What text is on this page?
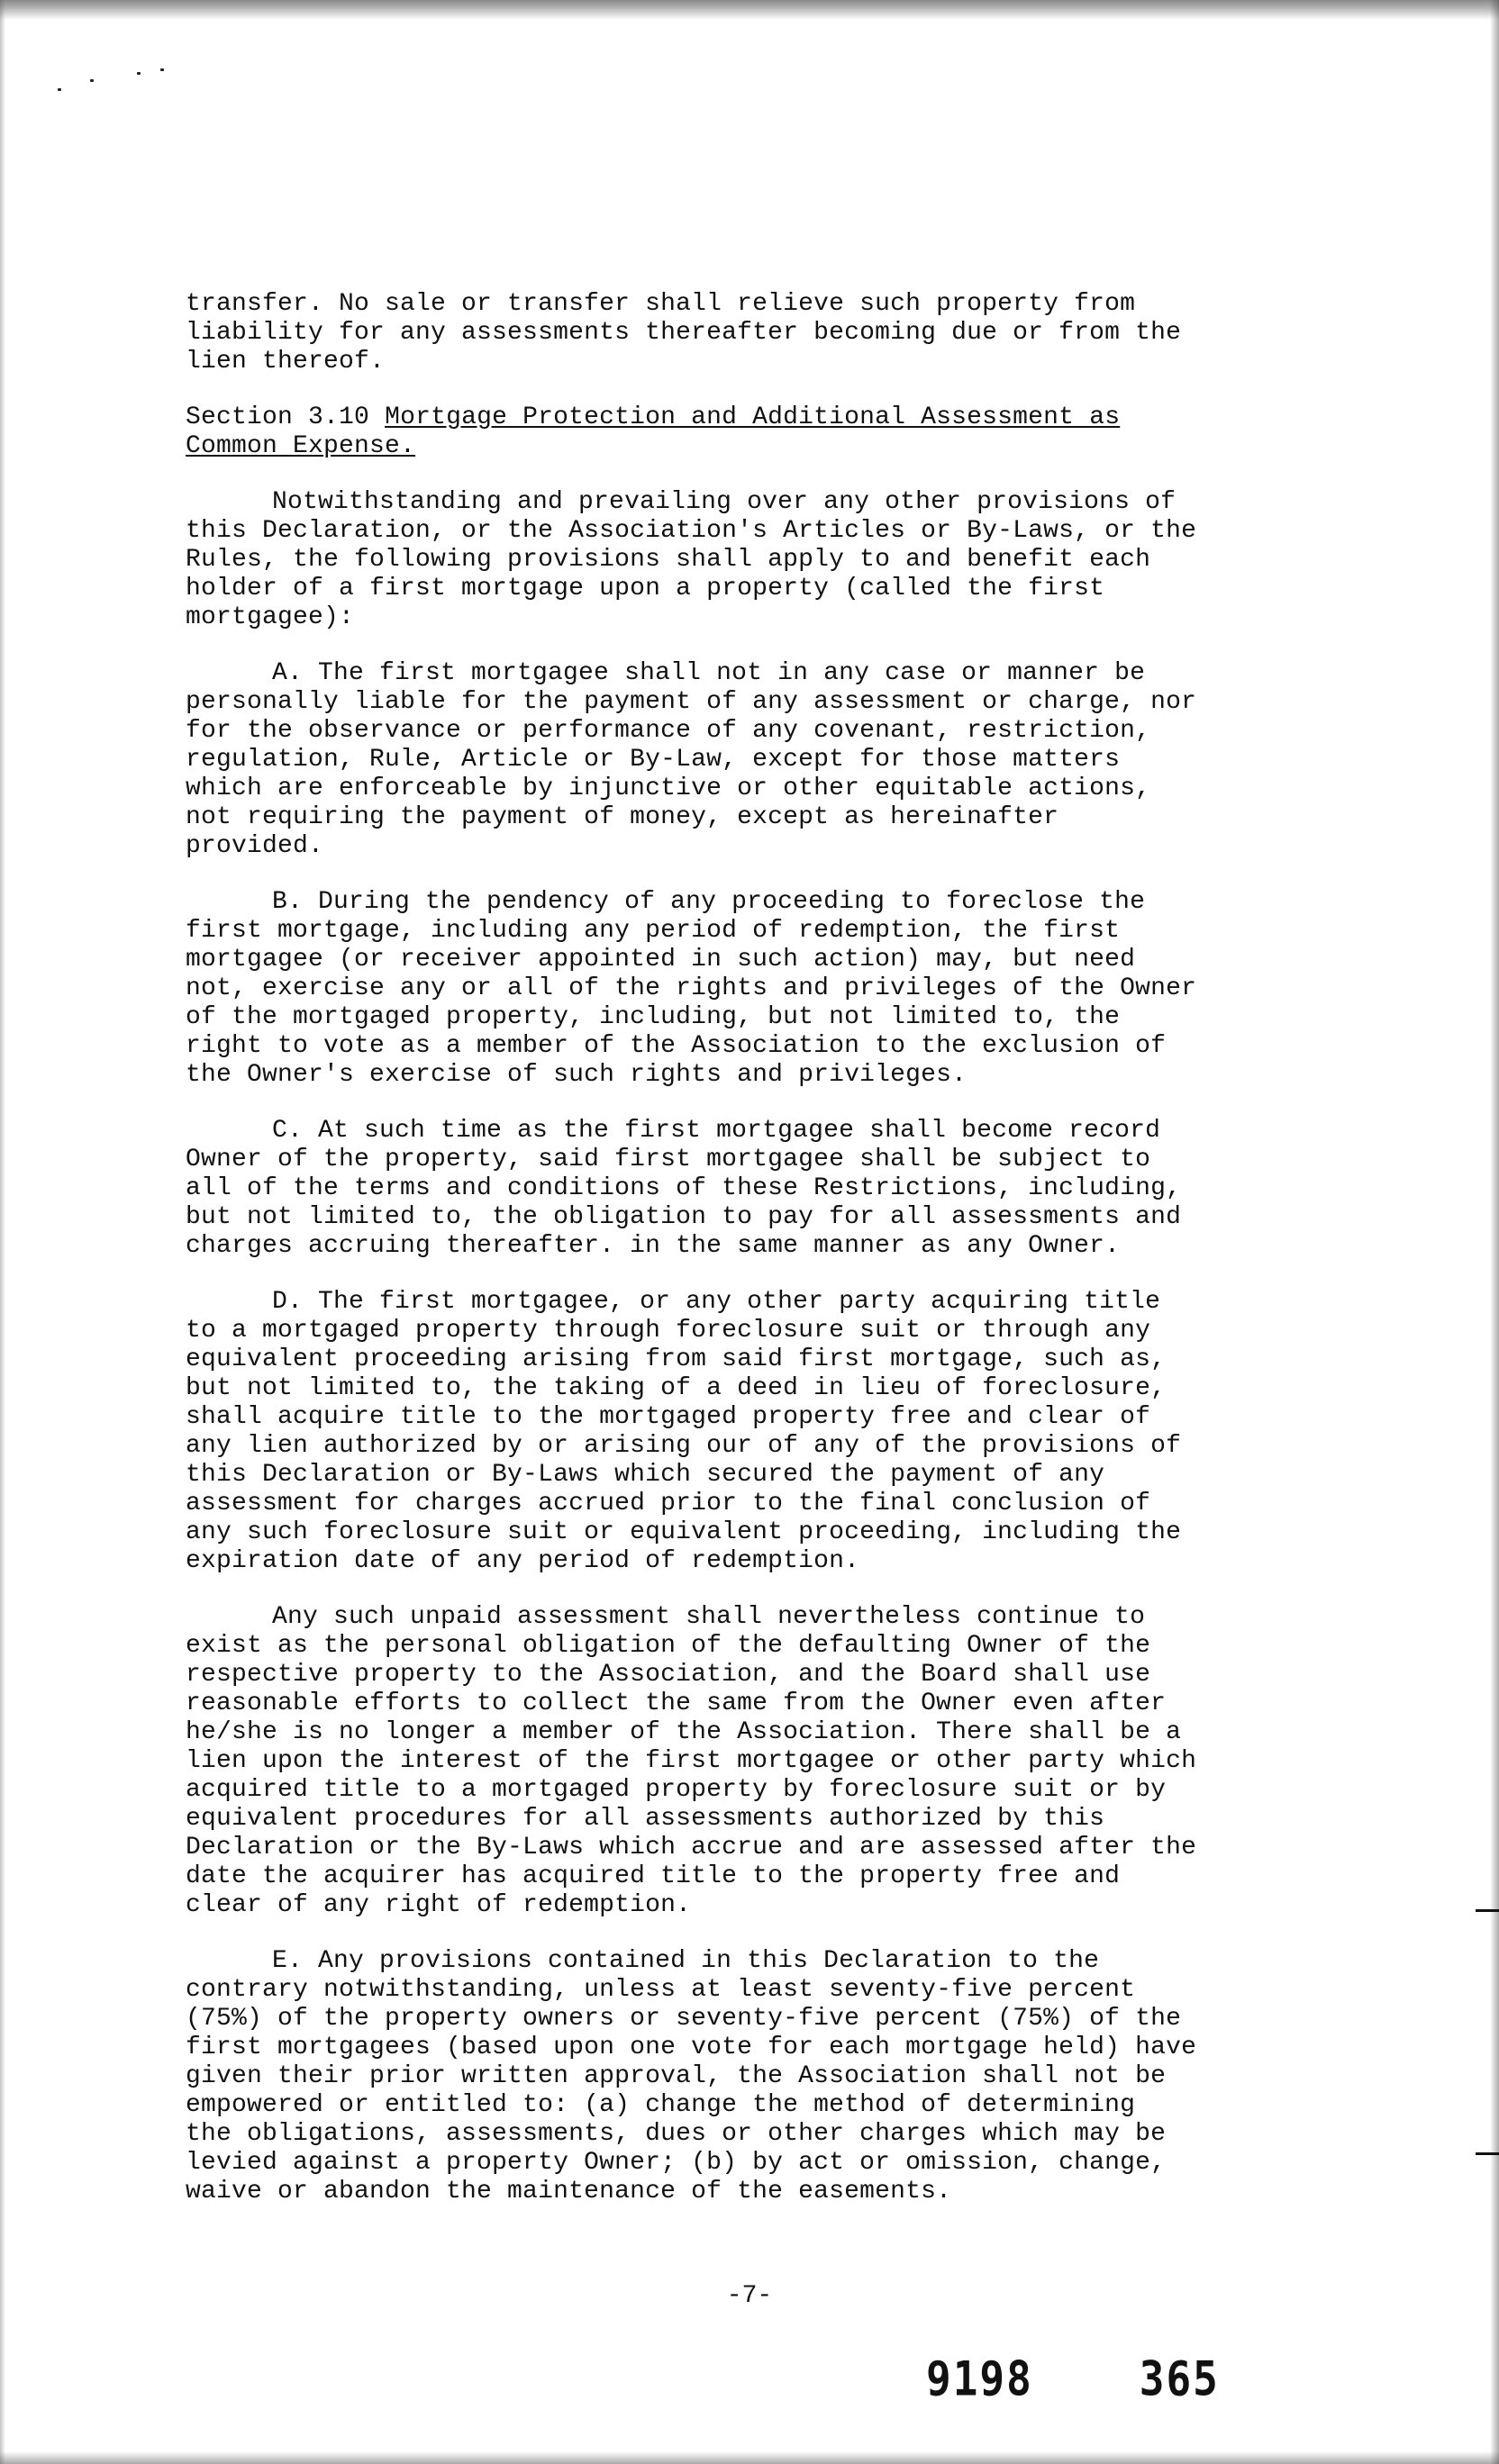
transfer. No sale or transfer shall relieve such property from
liability for any assessments thereafter becoming due or from the
lien thereof.

Section 3.10 Mortgage Protection and Additional Assessment as
Common Expense.

Notwithstanding and prevailing over any other provisions of
this Declaration, or the Association's Articles or By-Laws, or the
Rules, the following provisions shall apply to and benefit each
holder of a first mortgage upon a property (called the first
mortgagee):

A. The first mortgagee shall not in any case or manner be
personally liable for the payment of any assessment or charge, nor
for the observance or performance of any covenant, restriction,
regulation, Rule, Article or By-Law, except for those matters
which are enforceable by injunctive or other equitable actions,
not requiring the payment of money, except as hereinafter
provided.

B. During the pendency of any proceeding to foreclose the
first mortgage, including any period of redemption, the first
mortgagee (or receiver appointed in such action) may, but need
not, exercise any or all of the rights and privileges of the Owner
of the mortgaged property, including, but not limited to, the
right to vote as a member of the Association to the exclusion of
the Owner's exercise of such rights and privileges.

C. At such time as the first mortgagee shall become record
Owner of the property, said first mortgagee shall be subject to
all of the terms and conditions of these Restrictions, including,
but not limited to, the obligation to pay for all assessments and
charges accruing thereafter. in the same manner as any Owner.

D. The first mortgagee, or any other party acquiring title
to a mortgaged property through foreclosure suit or through any
equivalent proceeding arising from said first mortgage, such as,
but not limited to, the taking of a deed in lieu of foreclosure,
shall acquire title to the mortgaged property free and clear of
any lien authorized by or arising our of any of the provisions of
this Declaration or By-Laws which secured the payment of any
assessment for charges accrued prior to the final conclusion of
any such foreclosure suit or equivalent proceeding, including the
expiration date of any period of redemption.

Any such unpaid assessment shall nevertheless continue to
exist as the personal obligation of the defaulting Owner of the
respective property to the Association, and the Board shall use
reasonable efforts to collect the same from the Owner even after
he/she is no longer a member of the Association. There shall be a
lien upon the interest of the first mortgagee or other party which
acquired title to a mortgaged property by foreclosure suit or by
equivalent procedures for all assessments authorized by this
Declaration or the By-Laws which accrue and are assessed after the
date the acquirer has acquired title to the property free and
clear of any right of redemption.

E. Any provisions contained in this Declaration to the
contrary notwithstanding, unless at least seventy-five percent
(75%) of the property owners or seventy-five percent (75%) of the
first mortgagees (based upon one vote for each mortgage held) have
given their prior written approval, the Association shall not be
empowered or entitled to: (a) change the method of determining
the obligations, assessments, dues or other charges which may be
levied against a property Owner; (b) by act or omission, change,
waive or abandon the maintenance of the easements.

-7-
9198	365
